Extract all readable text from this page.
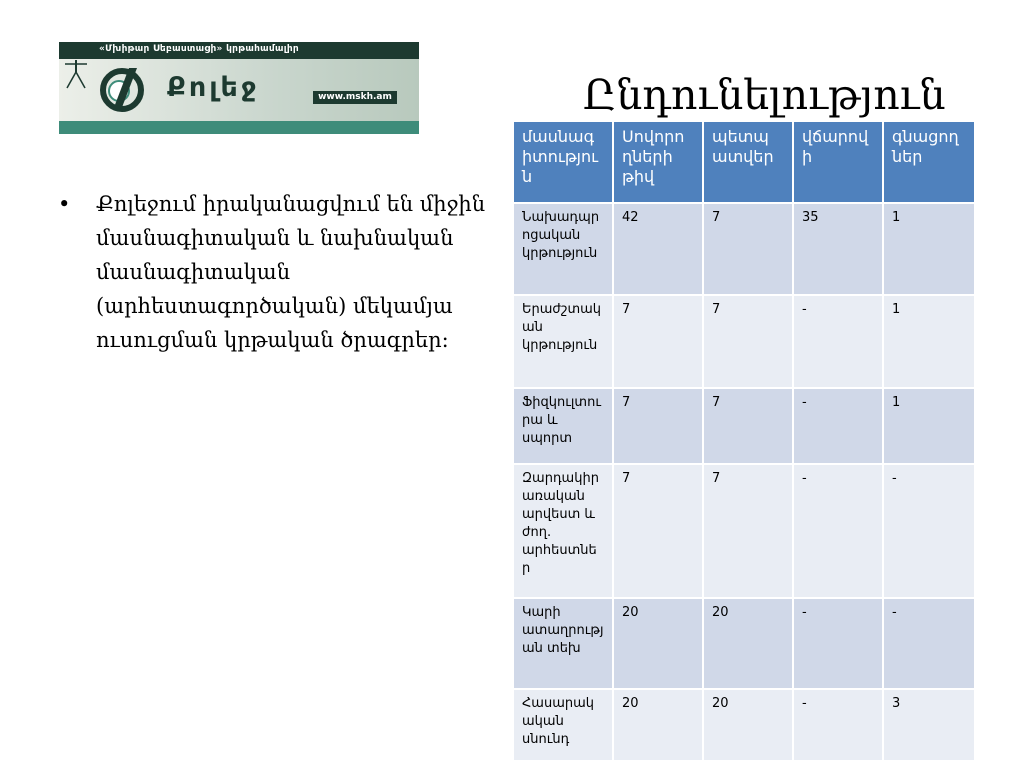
«Մխիթար Սեբաստացի» կրթահամալիր
Քոլեջ	www.mskh.am	Ընդունելություն
• Քոլեջում իրականացվում են միջին մասնագիտական և նախնական մասնագիտական (արհեստագործական) մեկամյա ուսուցման կրթական ծրագրեր:
մասնագիտություն	Սովորողների թիվ	պետպատվեր	վճարովի	գնացողներ
Նախադպրոցական կրթություն	42	7	35	1
Երաժշտական կրթություն	7	7	-	1
Ֆիզկուլտուրա և սպորտ	7	7	-	1
Զարդակիրառական արվեստ և ժող. արհեստներ	7	7	-	-
Կարի ատաղրության տեխ	20	20	-	-
Հասարակական սնունդ	20	20	-	3
